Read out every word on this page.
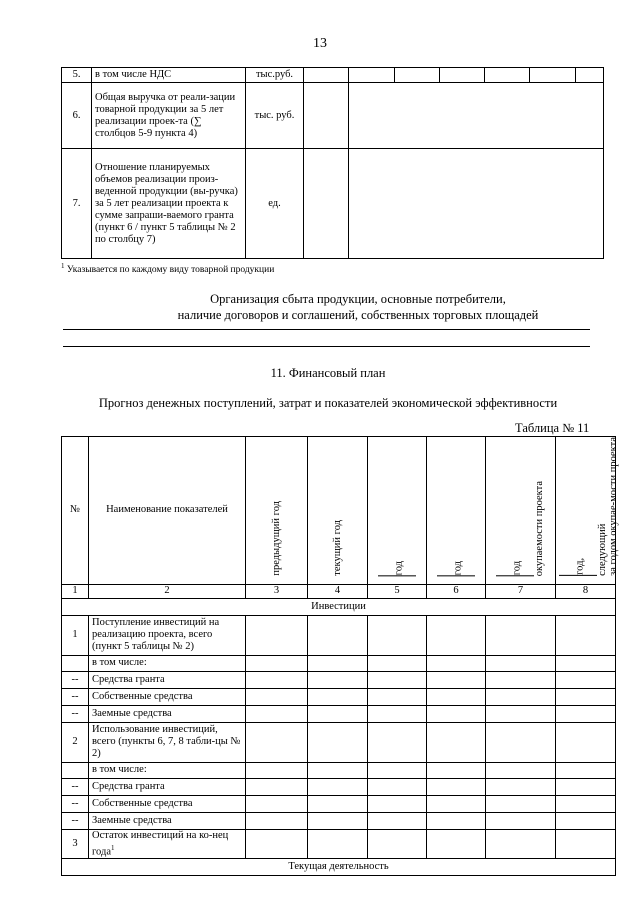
13
5.	в том числе НДС	тыс.руб.							
6.	Общая выручка от реали-зации товарной продукции за 5 лет реализации проек-та (∑ столбцов 5-9 пункта 4)	тыс. руб.							
7.	Отношение планируемых объемов реализации произ-веденной продукции (вы-ручка) за 5 лет реализации проекта к сумме запраши-ваемого гранта (пункт 6 / пункт 5 таблицы № 2 по столбцу 7)	ед.							
$^1$ Указывается по каждому виду товарной продукции
Организация сбыта продукции, основные потребители,
наличие договоров и соглашений, собственных торговых площадей
11. Финансовый план
Прогноз денежных поступлений, затрат и показателей экономической эффективности
Таблица № 11
№	Наименование показателей	предыдущий год	текущий год	год	год	год окупаемости проекта	год, следующий
за годом окупае-мости проекта
1	2	3	4	5	6	7	8
Инвестиции							
1	Поступление инвестиций на реализацию проекта, всего (пункт 5 таблицы № 2)						
	в том числе:						
--	Средства гранта						
--	Собственные средства						
--	Заемные средства						
2	Использование инвестиций, всего (пункты 6, 7, 8 табли-цы № 2)						
	в том числе:						
--	Средства гранта						
--	Собственные средства						
--	Заемные средства						
3	Остаток инвестиций на ко-нец года$^1$						
Текущая деятельность							
